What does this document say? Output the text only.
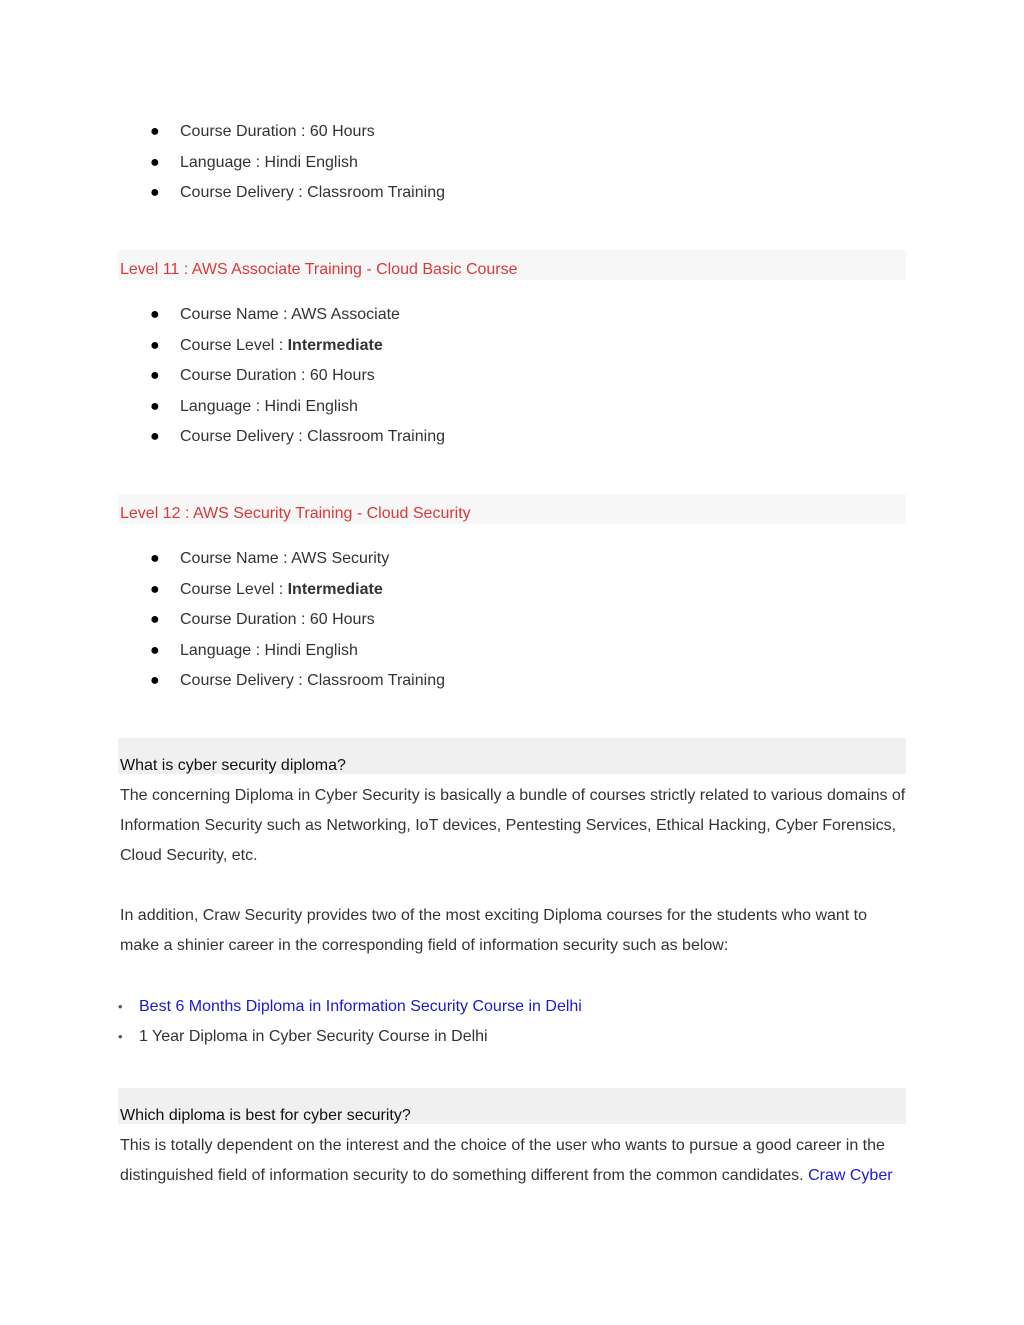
● Course Duration : 60 Hours
● Language : Hindi English
● Course Delivery : Classroom Training
Level 11 : AWS Associate Training - Cloud Basic Course
● Course Name : AWS Associate
● Course Level : Intermediate
● Course Duration : 60 Hours
● Language : Hindi English
● Course Delivery : Classroom Training
Level 12 : AWS Security Training - Cloud Security
● Course Name : AWS Security
● Course Level : Intermediate
● Course Duration : 60 Hours
● Language : Hindi English
● Course Delivery : Classroom Training
What is cyber security diploma?

The concerning Diploma in Cyber Security is basically a bundle of courses strictly related to various domains of Information Security such as Networking, IoT devices, Pentesting Services, Ethical Hacking, Cyber Forensics, Cloud Security, etc.

In addition, Craw Security provides two of the most exciting Diploma courses for the students who want to make a shinier career in the corresponding field of information security such as below:

• Best 6 Months Diploma in Information Security Course in Delhi
• 1 Year Diploma in Cyber Security Course in Delhi
Which diploma is best for cyber security?

This is totally dependent on the interest and the choice of the user who wants to pursue a good career in the distinguished field of information security to do something different from the common candidates. Craw Cyber
